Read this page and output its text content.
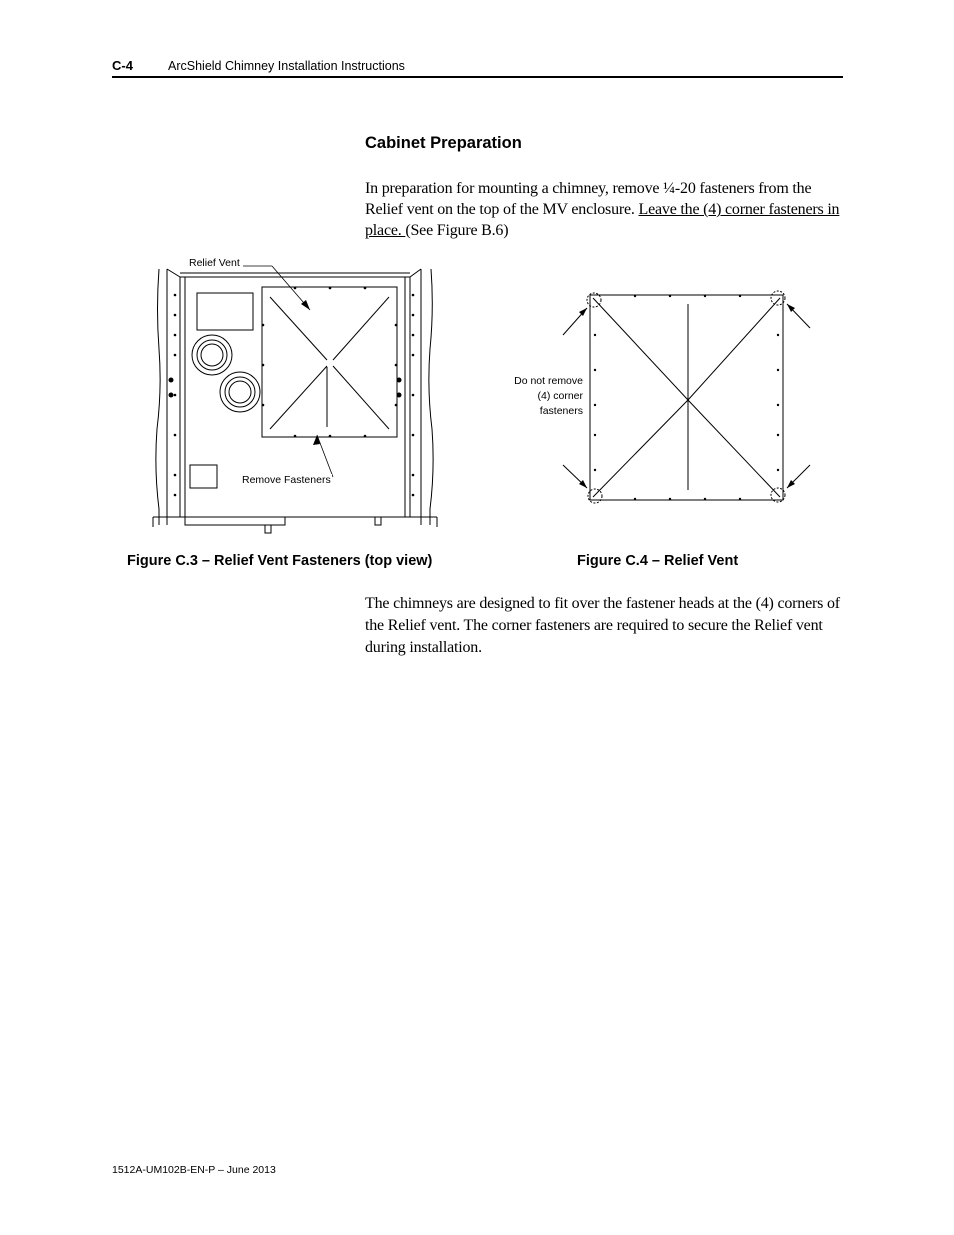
C-4	ArcShield Chimney Installation Instructions
Cabinet Preparation
In preparation for mounting a chimney, remove ¼-20 fasteners from the Relief vent on the top of the MV enclosure. Leave the (4) corner fasteners in place. (See Figure B.6)
Relief Vent
Remove Fasteners
Figure C.3 – Relief Vent Fasteners (top view)
Do not remove
(4) corner
fasteners
Figure C.4 – Relief Vent
The chimneys are designed to fit over the fastener heads at the (4) corners of the Relief vent. The corner fasteners are required to secure the Relief vent during installation.
1512A-UM102B-EN-P – June 2013
